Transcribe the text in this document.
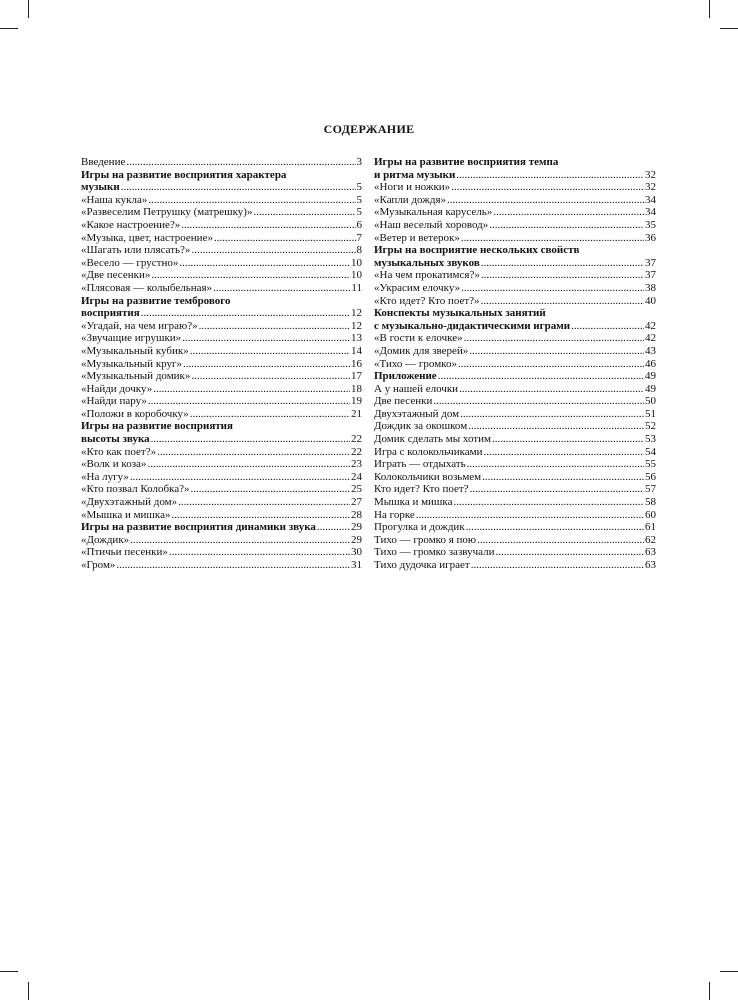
СОДЕРЖАНИЕ
Введение .....	3
Игры на развитие восприятия характера
музыки .....	5
«Наша кукла» .....	5
«Развеселим Петрушку (матрешку)» .....	5
«Какое настроение?» .....	6
«Музыка, цвет, настроение» .....	7
«Шагать или плясать?» .....	8
«Весело — грустно» .....	10
«Две песенки» .....	10
«Плясовая — колыбельная» .....	11
Игры на развитие тембрового
восприятия .....	12
«Угадай, на чем играю?» .....	12
«Звучащие игрушки» .....	13
«Музыкальный кубик» .....	14
«Музыкальный круг» .....	16
«Музыкальный домик» .....	17
«Найди дочку» .....	18
«Найди пару» .....	19
«Положи в коробочку» .....	21
Игры на развитие восприятия
высоты звука .....	22
«Кто как поет?» .....	22
«Волк и коза» .....	23
«На лугу» .....	24
«Кто позвал Колобка?» .....	25
«Двухэтажный дом» .....	27
«Мышка и мишка» .....	28
Игры на развитие восприятия динамики звука .....	29
«Дождик» .....	29
«Птичьи песенки» .....	30
«Гром» .....	31
Игры на развитие восприятия темпа
и ритма музыки .....	32
«Ноги и ножки» .....	32
«Капли дождя» .....	34
«Музыкальная карусель» .....	34
«Наш веселый хоровод» .....	35
«Ветер и ветерок» .....	36
Игры на восприятие нескольких свойств
музыкальных звуков .....	37
«На чем прокатимся?» .....	37
«Украсим елочку» .....	38
«Кто идет? Кто поет?» .....	40
Конспекты музыкальных занятий
с музыкально-дидактическими играми .....	42
«В гости к елочке» .....	42
«Домик для зверей» .....	43
«Тихо — громко» .....	46
Приложение .....	49
А у нашей елочки .....	49
Две песенки .....	50
Двухэтажный дом .....	51
Дождик за окошком .....	52
Домик сделать мы хотим .....	53
Игра с колокольчиками .....	54
Играть — отдыхать .....	55
Колокольчики возьмем .....	56
Кто идет? Кто поет? .....	57
Мышка и мишка .....	58
На горке .....	60
Прогулка и дождик .....	61
Тихо — громко я пою .....	62
Тихо — громко зазвучали .....	63
Тихо дудочка играет .....	63
